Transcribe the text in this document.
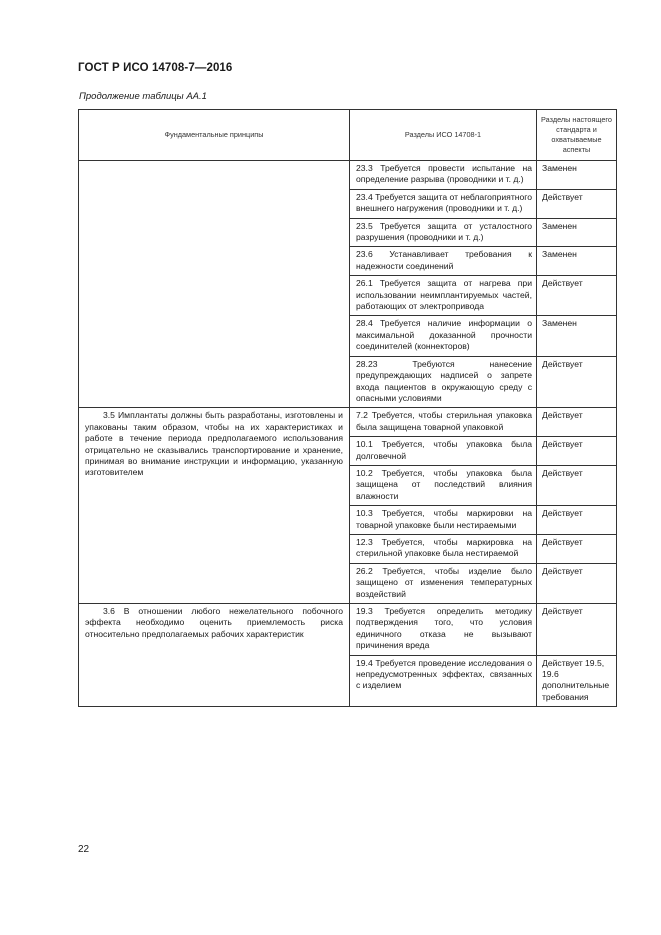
ГОСТ Р ИСО 14708-7—2016
Продолжение таблицы АА.1
Фундаментальные принципы	Разделы ИСО 14708-1	Разделы настоящего стандарта и охватываемые аспекты
	23.3 Требуется провести испытание на определение разрыва (проводники и т. д.)	Заменен
	23.4 Требуется защита от неблагоприятного внешнего нагружения (проводники и т. д.)	Действует
	23.5 Требуется защита от усталостного разрушения (проводники и т. д.)	Заменен
	23.6 Устанавливает требования к надежности соединений	Заменен
	26.1 Требуется защита от нагрева при использовании неимплантируемых частей, работающих от электропривода	Действует
	28.4 Требуется наличие информации о максимальной доказанной прочности соединителей (коннекторов)	Заменен
	28.23 Требуются нанесение предупреждающих надписей о запрете входа пациентов в окружающую среду с опасными условиями	Действует
3.5 Имплантаты должны быть разработаны, изготовлены и упакованы таким образом, чтобы на их характеристиках и работе в течение периода предполагаемого использования отрицательно не сказывались транспортирование и хранение, принимая во внимание инструкции и информацию, указанную изготовителем	7.2 Требуется, чтобы стерильная упаковка была защищена товарной упаковкой	Действует
	10.1 Требуется, чтобы упаковка была долговечной	Действует
	10.2 Требуется, чтобы упаковка была защищена от последствий влияния влажности	Действует
	10.3 Требуется, чтобы маркировки на товарной упаковке были нестираемыми	Действует
	12.3 Требуется, чтобы маркировка на стерильной упаковке была нестираемой	Действует
	26.2 Требуется, чтобы изделие было защищено от изменения температурных воздействий	Действует
3.6 В отношении любого нежелательного побочного эффекта необходимо оценить приемлемость риска относительно предполагаемых рабочих характеристик	19.3 Требуется определить методику подтверждения того, что условия единичного отказа не вызывают причинения вреда	Действует
	19.4 Требуется проведение исследования о непредусмотренных эффектах, связанных с изделием	Действует 19.5, 19.6 дополнительные требования
22
